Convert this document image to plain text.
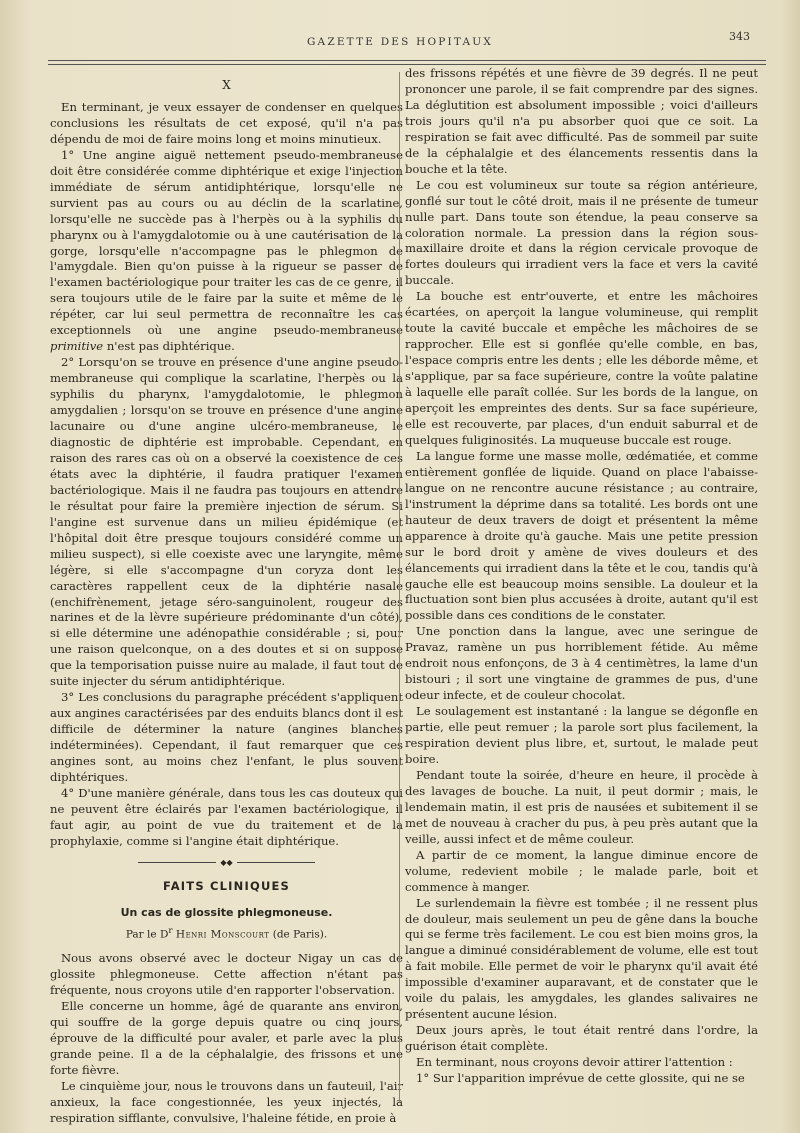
GAZETTE DES HOPITAUX	343

X

En terminant, je veux essayer de condenser en quelques conclusions les résultats de cet exposé, qu'il n'a pas dépendu de moi de faire moins long et moins minutieux.

1° Une angine aiguë nettement pseudo-membraneuse doit être considérée comme diphtérique et exige l'injection immédiate de sérum antidiphtérique, lorsqu'elle ne survient pas au cours ou au déclin de la scarlatine, lorsqu'elle ne succède pas à l'herpès ou à la syphilis du pharynx ou à l'amygdalotomie ou à une cautérisation de la gorge, lorsqu'elle n'accompagne pas le phlegmon de l'amygdale. Bien qu'on puisse à la rigueur se passer de l'examen bactériologique pour traiter les cas de ce genre, il sera toujours utile de le faire par la suite et même de le répéter, car lui seul permettra de reconnaître les cas exceptionnels où une angine pseudo-membraneuse primitive n'est pas diphtérique.

2° Lorsqu'on se trouve en présence d'une angine pseudo-membraneuse qui complique la scarlatine, l'herpès ou la syphilis du pharynx, l'amygdalotomie, le phlegmon amygdalien ; lorsqu'on se trouve en présence d'une angine lacunaire ou d'une angine ulcéro-membraneuse, le diagnostic de diphtérie est improbable. Cependant, en raison des rares cas où on a observé la coexistence de ces états avec la diphtérie, il faudra pratiquer l'examen bactériologique. Mais il ne faudra pas toujours en attendre le résultat pour faire la première injection de sérum. Si l'angine est survenue dans un milieu épidémique (et l'hôpital doit être presque toujours considéré comme un milieu suspect), si elle coexiste avec une laryngite, même légère, si elle s'accompagne d'un coryza dont les caractères rappellent ceux de la diphtérie nasale (enchifrènement, jetage séro-sanguinolent, rougeur des narines et de la lèvre supérieure prédominante d'un côté), si elle détermine une adénopathie considérable ; si, pour une raison quelconque, on a des doutes et si on suppose que la temporisation puisse nuire au malade, il faut tout de suite injecter du sérum antidiphtérique.

3° Les conclusions du paragraphe précédent s'appliquent aux angines caractérisées par des enduits blancs dont il est difficile de déterminer la nature (angines blanches indéterminées). Cependant, il faut remarquer que ces angines sont, au moins chez l'enfant, le plus souvent diphtériques.

4° D'une manière générale, dans tous les cas douteux qui ne peuvent être éclairés par l'examen bactériologique, il faut agir, au point de vue du traitement et de la prophylaxie, comme si l'angine était diphtérique.

◆◆
FAITS CLINIQUES
Un cas de glossite phlegmoneuse.

Par le $D^r$ Henri Monscourt (de Paris).

Nous avons observé avec le docteur Nigay un cas de glossite phlegmoneuse. Cette affection n'étant pas fréquente, nous croyons utile d'en rapporter l'observation.

Elle concerne un homme, âgé de quarante ans environ, qui souffre de la gorge depuis quatre ou cinq jours, éprouve de la difficulté pour avaler, et parle avec la plus grande peine. Il a de la céphalalgie, des frissons et une forte fièvre.

Le cinquième jour, nous le trouvons dans un fauteuil, l'air anxieux, la face congestionnée, les yeux injectés, la respiration sifflante, convulsive, l'haleine fétide, en proie à

des frissons répétés et une fièvre de 39 degrés. Il ne peut prononcer une parole, il se fait comprendre par des signes. La déglutition est absolument impossible ; voici d'ailleurs trois jours qu'il n'a pu absorber quoi que ce soit. La respiration se fait avec difficulté. Pas de sommeil par suite de la céphalalgie et des élancements ressentis dans la bouche et la tête.

Le cou est volumineux sur toute sa région antérieure, gonflé sur tout le côté droit, mais il ne présente de tumeur nulle part. Dans toute son étendue, la peau conserve sa coloration normale. La pression dans la région sous-maxillaire droite et dans la région cervicale provoque de fortes douleurs qui irradient vers la face et vers la cavité buccale.

La bouche est entr'ouverte, et entre les mâchoires écartées, on aperçoit la langue volumineuse, qui remplit toute la cavité buccale et empêche les mâchoires de se rapprocher. Elle est si gonflée qu'elle comble, en bas, l'espace compris entre les dents ; elle les déborde même, et s'applique, par sa face supérieure, contre la voûte palatine à laquelle elle paraît collée. Sur les bords de la langue, on aperçoit les empreintes des dents. Sur sa face supérieure, elle est recouverte, par places, d'un enduit saburral et de quelques fuliginosités. La muqueuse buccale est rouge.

La langue forme une masse molle, œdématiée, et comme entièrement gonflée de liquide. Quand on place l'abaisse-langue on ne rencontre aucune résistance ; au contraire, l'instrument la déprime dans sa totalité. Les bords ont une hauteur de deux travers de doigt et présentent la même apparence à droite qu'à gauche. Mais une petite pression sur le bord droit y amène de vives douleurs et des élancements qui irradient dans la tête et le cou, tandis qu'à gauche elle est beaucoup moins sensible. La douleur et la fluctuation sont bien plus accusées à droite, autant qu'il est possible dans ces conditions de le constater.

Une ponction dans la langue, avec une seringue de Pravaz, ramène un pus horriblement fétide. Au même endroit nous enfonçons, de 3 à 4 centimètres, la lame d'un bistouri ; il sort une vingtaine de grammes de pus, d'une odeur infecte, et de couleur chocolat.

Le soulagement est instantané : la langue se dégonfle en partie, elle peut remuer ; la parole sort plus facilement, la respiration devient plus libre, et, surtout, le malade peut boire.

Pendant toute la soirée, d'heure en heure, il procède à des lavages de bouche. La nuit, il peut dormir ; mais, le lendemain matin, il est pris de nausées et subitement il se met de nouveau à cracher du pus, à peu près autant que la veille, aussi infect et de même couleur.

A partir de ce moment, la langue diminue encore de volume, redevient mobile ; le malade parle, boit et commence à manger.

Le surlendemain la fièvre est tombée ; il ne ressent plus de douleur, mais seulement un peu de gêne dans la bouche qui se ferme très facilement. Le cou est bien moins gros, la langue a diminué considérablement de volume, elle est tout à fait mobile. Elle permet de voir le pharynx qu'il avait été impossible d'examiner auparavant, et de constater que le voile du palais, les amygdales, les glandes salivaires ne présentent aucune lésion.

Deux jours après, le tout était rentré dans l'ordre, la guérison était complète.

En terminant, nous croyons devoir attirer l'attention :

1° Sur l'apparition imprévue de cette glossite, qui ne se
